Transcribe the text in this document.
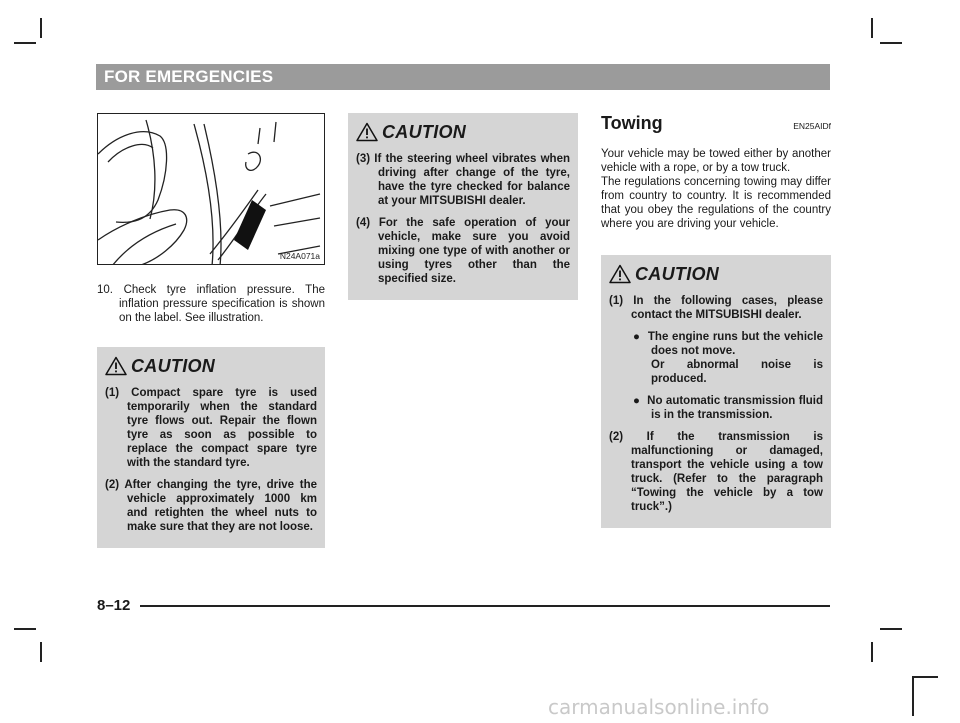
FOR EMERGENCIES
N24A071a

10. Check tyre inflation pressure. The inflation pressure specification is shown on the label. See illustration.

CAUTION

(1) Compact spare tyre is used temporarily when the standard tyre flows out. Repair the flown tyre as soon as possible to replace the compact spare tyre with the standard tyre.

(2) After changing the tyre, drive the vehicle approximately 1000 km and retighten the wheel nuts to make sure that they are not loose.

CAUTION

(3) If the steering wheel vibrates when driving after change of the tyre, have the tyre checked for balance at your MITSUBISHI dealer.

(4) For the safe operation of your vehicle, make sure you avoid mixing one type of with another or using tyres other than the specified size.

Towing	EN25AIDf

Your vehicle may be towed either by another vehicle with a rope, or by a tow truck.

The regulations concerning towing may differ from country to country. It is recommended that you obey the regulations of the country where you are driving your vehicle.

CAUTION

(1) In the following cases, please contact the MITSUBISHI dealer.

● The engine runs but the vehicle does not move.
Or abnormal noise is produced.

● No automatic transmission fluid is in the transmission.

(2) If the transmission is malfunctioning or damaged, transport the vehicle using a tow truck. (Refer to the paragraph “Towing the vehicle by a tow truck”.)

8–12
carmanualsonline.info
